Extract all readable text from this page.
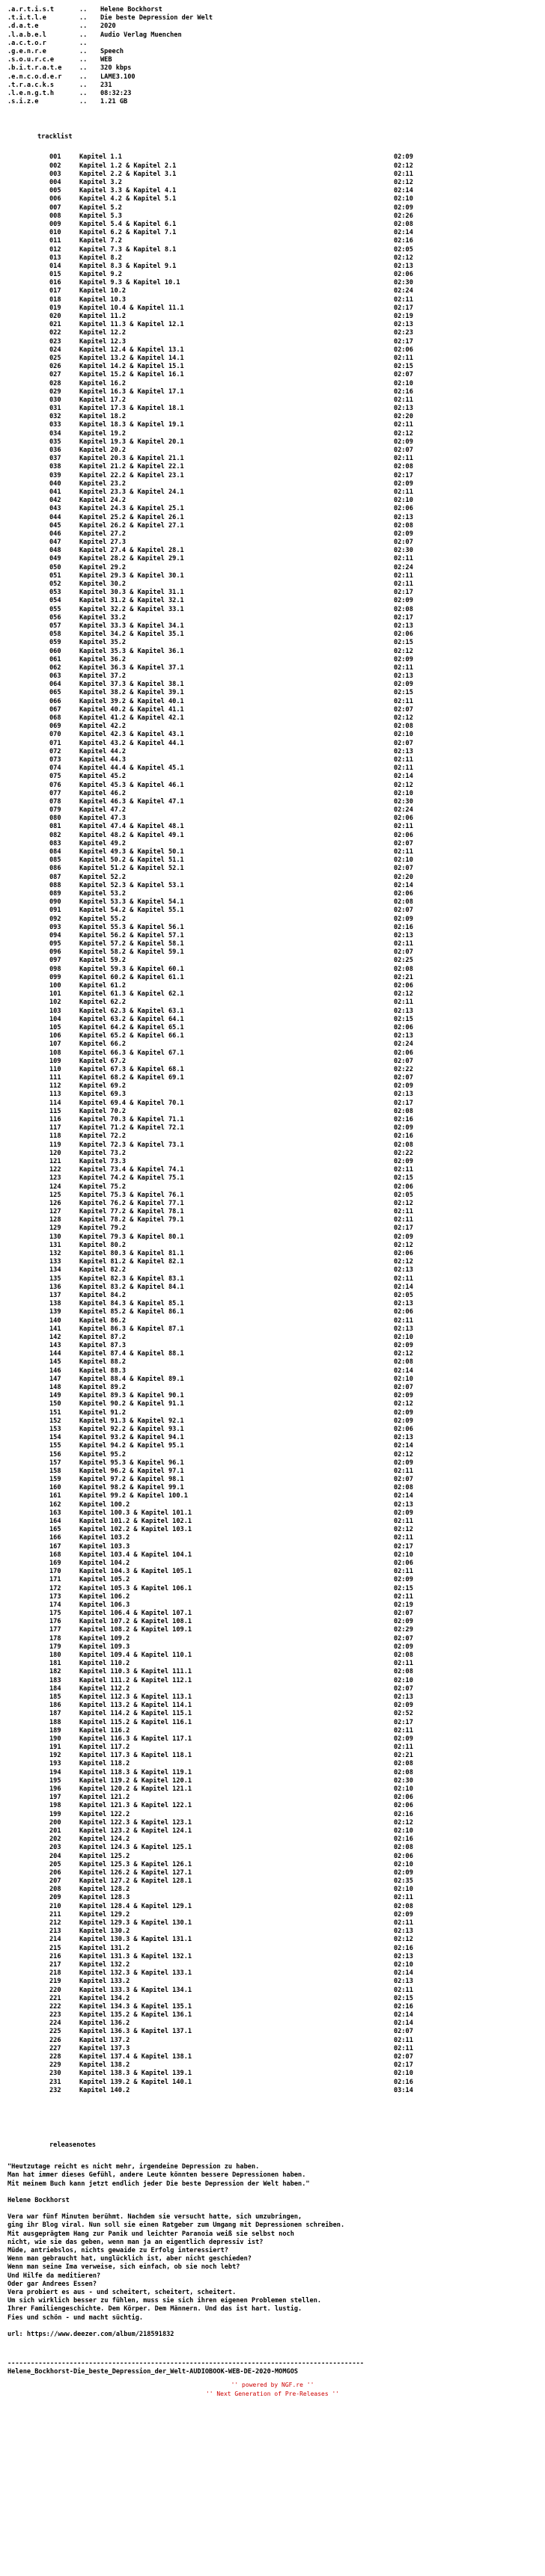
.a.r.t.i.s.t	..	Helene Bockhorst
.t.i.t.l.e	..	Die beste Depression der Welt
.d.a.t.e	..	2020
.l.a.b.e.l	..	Audio Verlag Muenchen
.a.c.t.o.r	..
.g.e.n.r.e	..	Speech
.s.o.u.r.c.e	..	WEB
.b.i.t.r.a.t.e	..	320 kbps
.e.n.c.o.d.e.r	..	LAME3.100
.t.r.a.c.k.s	..	231
.l.e.n.g.t.h	..	08:32:23
.s.i.z.e	..	1.21 GB
tracklist
001	Kapitel 1.1	02:09
002	Kapitel 1.2 & Kapitel 2.1	02:12
003	Kapitel 2.2 & Kapitel 3.1	02:11
004	Kapitel 3.2	02:12
005	Kapitel 3.3 & Kapitel 4.1	02:14
006	Kapitel 4.2 & Kapitel 5.1	02:10
007	Kapitel 5.2	02:09
008	Kapitel 5.3	02:26
009	Kapitel 5.4 & Kapitel 6.1	02:08
010	Kapitel 6.2 & Kapitel 7.1	02:14
011	Kapitel 7.2	02:16
012	Kapitel 7.3 & Kapitel 8.1	02:05
013	Kapitel 8.2	02:12
014	Kapitel 8.3 & Kapitel 9.1	02:13
015	Kapitel 9.2	02:06
016	Kapitel 9.3 & Kapitel 10.1	02:30
017	Kapitel 10.2	02:24
018	Kapitel 10.3	02:11
019	Kapitel 10.4 & Kapitel 11.1	02:17
020	Kapitel 11.2	02:19
021	Kapitel 11.3 & Kapitel 12.1	02:13
022	Kapitel 12.2	02:23
023	Kapitel 12.3	02:17
024	Kapitel 12.4 & Kapitel 13.1	02:06
025	Kapitel 13.2 & Kapitel 14.1	02:11
026	Kapitel 14.2 & Kapitel 15.1	02:15
027	Kapitel 15.2 & Kapitel 16.1	02:07
028	Kapitel 16.2	02:10
029	Kapitel 16.3 & Kapitel 17.1	02:16
030	Kapitel 17.2	02:11
031	Kapitel 17.3 & Kapitel 18.1	02:13
032	Kapitel 18.2	02:20
033	Kapitel 18.3 & Kapitel 19.1	02:11
034	Kapitel 19.2	02:12
035	Kapitel 19.3 & Kapitel 20.1	02:09
036	Kapitel 20.2	02:07
037	Kapitel 20.3 & Kapitel 21.1	02:11
038	Kapitel 21.2 & Kapitel 22.1	02:08
039	Kapitel 22.2 & Kapitel 23.1	02:17
040	Kapitel 23.2	02:09
041	Kapitel 23.3 & Kapitel 24.1	02:11
042	Kapitel 24.2	02:10
043	Kapitel 24.3 & Kapitel 25.1	02:06
044	Kapitel 25.2 & Kapitel 26.1	02:13
045	Kapitel 26.2 & Kapitel 27.1	02:08
046	Kapitel 27.2	02:09
047	Kapitel 27.3	02:07
048	Kapitel 27.4 & Kapitel 28.1	02:30
049	Kapitel 28.2 & Kapitel 29.1	02:11
050	Kapitel 29.2	02:24
051	Kapitel 29.3 & Kapitel 30.1	02:11
052	Kapitel 30.2	02:11
053	Kapitel 30.3 & Kapitel 31.1	02:17
054	Kapitel 31.2 & Kapitel 32.1	02:09
055	Kapitel 32.2 & Kapitel 33.1	02:08
056	Kapitel 33.2	02:17
057	Kapitel 33.3 & Kapitel 34.1	02:13
058	Kapitel 34.2 & Kapitel 35.1	02:06
059	Kapitel 35.2	02:15
060	Kapitel 35.3 & Kapitel 36.1	02:12
061	Kapitel 36.2	02:09
062	Kapitel 36.3 & Kapitel 37.1	02:11
063	Kapitel 37.2	02:13
064	Kapitel 37.3 & Kapitel 38.1	02:09
065	Kapitel 38.2 & Kapitel 39.1	02:15
066	Kapitel 39.2 & Kapitel 40.1	02:11
067	Kapitel 40.2 & Kapitel 41.1	02:07
068	Kapitel 41.2 & Kapitel 42.1	02:12
069	Kapitel 42.2	02:08
070	Kapitel 42.3 & Kapitel 43.1	02:10
071	Kapitel 43.2 & Kapitel 44.1	02:07
072	Kapitel 44.2	02:13
073	Kapitel 44.3	02:11
074	Kapitel 44.4 & Kapitel 45.1	02:11
075	Kapitel 45.2	02:14
076	Kapitel 45.3 & Kapitel 46.1	02:12
077	Kapitel 46.2	02:10
078	Kapitel 46.3 & Kapitel 47.1	02:30
079	Kapitel 47.2	02:24
080	Kapitel 47.3	02:06
081	Kapitel 47.4 & Kapitel 48.1	02:11
082	Kapitel 48.2 & Kapitel 49.1	02:06
083	Kapitel 49.2	02:07
084	Kapitel 49.3 & Kapitel 50.1	02:11
085	Kapitel 50.2 & Kapitel 51.1	02:10
086	Kapitel 51.2 & Kapitel 52.1	02:07
087	Kapitel 52.2	02:20
088	Kapitel 52.3 & Kapitel 53.1	02:14
089	Kapitel 53.2	02:06
090	Kapitel 53.3 & Kapitel 54.1	02:08
091	Kapitel 54.2 & Kapitel 55.1	02:07
092	Kapitel 55.2	02:09
093	Kapitel 55.3 & Kapitel 56.1	02:16
094	Kapitel 56.2 & Kapitel 57.1	02:13
095	Kapitel 57.2 & Kapitel 58.1	02:11
096	Kapitel 58.2 & Kapitel 59.1	02:07
097	Kapitel 59.2	02:25
098	Kapitel 59.3 & Kapitel 60.1	02:08
099	Kapitel 60.2 & Kapitel 61.1	02:21
100	Kapitel 61.2	02:06
101	Kapitel 61.3 & Kapitel 62.1	02:12
102	Kapitel 62.2	02:11
103	Kapitel 62.3 & Kapitel 63.1	02:13
104	Kapitel 63.2 & Kapitel 64.1	02:15
105	Kapitel 64.2 & Kapitel 65.1	02:06
106	Kapitel 65.2 & Kapitel 66.1	02:13
107	Kapitel 66.2	02:24
108	Kapitel 66.3 & Kapitel 67.1	02:06
109	Kapitel 67.2	02:07
110	Kapitel 67.3 & Kapitel 68.1	02:22
111	Kapitel 68.2 & Kapitel 69.1	02:07
112	Kapitel 69.2	02:09
113	Kapitel 69.3	02:13
114	Kapitel 69.4 & Kapitel 70.1	02:17
115	Kapitel 70.2	02:08
116	Kapitel 70.3 & Kapitel 71.1	02:16
117	Kapitel 71.2 & Kapitel 72.1	02:09
118	Kapitel 72.2	02:16
119	Kapitel 72.3 & Kapitel 73.1	02:08
120	Kapitel 73.2	02:22
121	Kapitel 73.3	02:09
122	Kapitel 73.4 & Kapitel 74.1	02:11
123	Kapitel 74.2 & Kapitel 75.1	02:15
124	Kapitel 75.2	02:06
125	Kapitel 75.3 & Kapitel 76.1	02:05
126	Kapitel 76.2 & Kapitel 77.1	02:12
127	Kapitel 77.2 & Kapitel 78.1	02:11
128	Kapitel 78.2 & Kapitel 79.1	02:11
129	Kapitel 79.2	02:17
130	Kapitel 79.3 & Kapitel 80.1	02:09
131	Kapitel 80.2	02:12
132	Kapitel 80.3 & Kapitel 81.1	02:06
133	Kapitel 81.2 & Kapitel 82.1	02:12
134	Kapitel 82.2	02:13
135	Kapitel 82.3 & Kapitel 83.1	02:11
136	Kapitel 83.2 & Kapitel 84.1	02:14
137	Kapitel 84.2	02:05
138	Kapitel 84.3 & Kapitel 85.1	02:13
139	Kapitel 85.2 & Kapitel 86.1	02:06
140	Kapitel 86.2	02:11
141	Kapitel 86.3 & Kapitel 87.1	02:13
142	Kapitel 87.2	02:10
143	Kapitel 87.3	02:09
144	Kapitel 87.4 & Kapitel 88.1	02:12
145	Kapitel 88.2	02:08
146	Kapitel 88.3	02:14
147	Kapitel 88.4 & Kapitel 89.1	02:10
148	Kapitel 89.2	02:07
149	Kapitel 89.3 & Kapitel 90.1	02:09
150	Kapitel 90.2 & Kapitel 91.1	02:12
151	Kapitel 91.2	02:09
152	Kapitel 91.3 & Kapitel 92.1	02:09
153	Kapitel 92.2 & Kapitel 93.1	02:06
154	Kapitel 93.2 & Kapitel 94.1	02:13
155	Kapitel 94.2 & Kapitel 95.1	02:14
156	Kapitel 95.2	02:12
157	Kapitel 95.3 & Kapitel 96.1	02:09
158	Kapitel 96.2 & Kapitel 97.1	02:11
159	Kapitel 97.2 & Kapitel 98.1	02:07
160	Kapitel 98.2 & Kapitel 99.1	02:08
161	Kapitel 99.2 & Kapitel 100.1	02:14
162	Kapitel 100.2	02:13
163	Kapitel 100.3 & Kapitel 101.1	02:09
164	Kapitel 101.2 & Kapitel 102.1	02:11
165	Kapitel 102.2 & Kapitel 103.1	02:12
166	Kapitel 103.2	02:11
167	Kapitel 103.3	02:17
168	Kapitel 103.4 & Kapitel 104.1	02:10
169	Kapitel 104.2	02:06
170	Kapitel 104.3 & Kapitel 105.1	02:11
171	Kapitel 105.2	02:09
172	Kapitel 105.3 & Kapitel 106.1	02:15
173	Kapitel 106.2	02:11
174	Kapitel 106.3	02:19
175	Kapitel 106.4 & Kapitel 107.1	02:07
176	Kapitel 107.2 & Kapitel 108.1	02:09
177	Kapitel 108.2 & Kapitel 109.1	02:29
178	Kapitel 109.2	02:07
179	Kapitel 109.3	02:09
180	Kapitel 109.4 & Kapitel 110.1	02:08
181	Kapitel 110.2	02:11
182	Kapitel 110.3 & Kapitel 111.1	02:08
183	Kapitel 111.2 & Kapitel 112.1	02:10
184	Kapitel 112.2	02:07
185	Kapitel 112.3 & Kapitel 113.1	02:13
186	Kapitel 113.2 & Kapitel 114.1	02:09
187	Kapitel 114.2 & Kapitel 115.1	02:52
188	Kapitel 115.2 & Kapitel 116.1	02:17
189	Kapitel 116.2	02:11
190	Kapitel 116.3 & Kapitel 117.1	02:09
191	Kapitel 117.2	02:11
192	Kapitel 117.3 & Kapitel 118.1	02:21
193	Kapitel 118.2	02:08
194	Kapitel 118.3 & Kapitel 119.1	02:08
195	Kapitel 119.2 & Kapitel 120.1	02:30
196	Kapitel 120.2 & Kapitel 121.1	02:10
197	Kapitel 121.2	02:06
198	Kapitel 121.3 & Kapitel 122.1	02:06
199	Kapitel 122.2	02:16
200	Kapitel 122.3 & Kapitel 123.1	02:12
201	Kapitel 123.2 & Kapitel 124.1	02:10
202	Kapitel 124.2	02:16
203	Kapitel 124.3 & Kapitel 125.1	02:08
204	Kapitel 125.2	02:06
205	Kapitel 125.3 & Kapitel 126.1	02:10
206	Kapitel 126.2 & Kapitel 127.1	02:09
207	Kapitel 127.2 & Kapitel 128.1	02:35
208	Kapitel 128.2	02:10
209	Kapitel 128.3	02:11
210	Kapitel 128.4 & Kapitel 129.1	02:08
211	Kapitel 129.2	02:09
212	Kapitel 129.3 & Kapitel 130.1	02:11
213	Kapitel 130.2	02:13
214	Kapitel 130.3 & Kapitel 131.1	02:12
215	Kapitel 131.2	02:16
216	Kapitel 131.3 & Kapitel 132.1	02:13
217	Kapitel 132.2	02:10
218	Kapitel 132.3 & Kapitel 133.1	02:14
219	Kapitel 133.2	02:13
220	Kapitel 133.3 & Kapitel 134.1	02:11
221	Kapitel 134.2	02:15
222	Kapitel 134.3 & Kapitel 135.1	02:16
223	Kapitel 135.2 & Kapitel 136.1	02:14
224	Kapitel 136.2	02:14
225	Kapitel 136.3 & Kapitel 137.1	02:07
226	Kapitel 137.2	02:11
227	Kapitel 137.3	02:11
228	Kapitel 137.4 & Kapitel 138.1	02:07
229	Kapitel 138.2	02:17
230	Kapitel 138.3 & Kapitel 139.1	02:10
231	Kapitel 139.2 & Kapitel 140.1	02:16
232	Kapitel 140.2	03:14
releasenotes
"Heutzutage reicht es nicht mehr, irgendeine Depression zu haben.
Man hat immer dieses Gefühl, andere Leute könnten bessere Depressionen haben.
Mit meinem Buch kann jetzt endlich jeder Die beste Depression der Welt haben."
Helene Bockhorst
Vera war fünf Minuten berühmt. Nachdem sie versucht hatte, sich umzubringen,
ging ihr Blog viral. Nun soll sie einen Ratgeber zum Umgang mit Depressionen schreiben.
Mit ausgeprägtem Hang zur Panik und leichter Paranoia weiß sie selbst noch
nicht, wie sie das geben, wenn man ja an eigentlich depressiv ist?
Müde, antriebslos, nichts gewaide zu Erfolg interessiert?
Wenn man gebraucht hat, unglücklich ist, aber nicht geschieden?
Wenn man seine Ima verweise, sich einfach, ob sie noch lebt?
Und Hilfe da meditieren?
Oder gar Andrees Essen?
Vera probiert es aus - und scheitert, scheitert, scheitert.
Um sich wirklich besser zu fühlen, muss sie sich ihren eigenen Problemen stellen.
Ihrer Familiengeschichte. Dem Körper. Dem Männern. Und das ist hart. lustig.
Fies und schön - und macht süchtig.
url: https://www.deezer.com/album/218591832
--------------------------------------------------------------------------------------------
Helene_Bockhorst-Die_beste_Depression_der_Welt-AUDIOBOOK-WEB-DE-2020-MOMGOS
'' powered by NGF.re ''
'' Next Generation of Pre-Releases ''
